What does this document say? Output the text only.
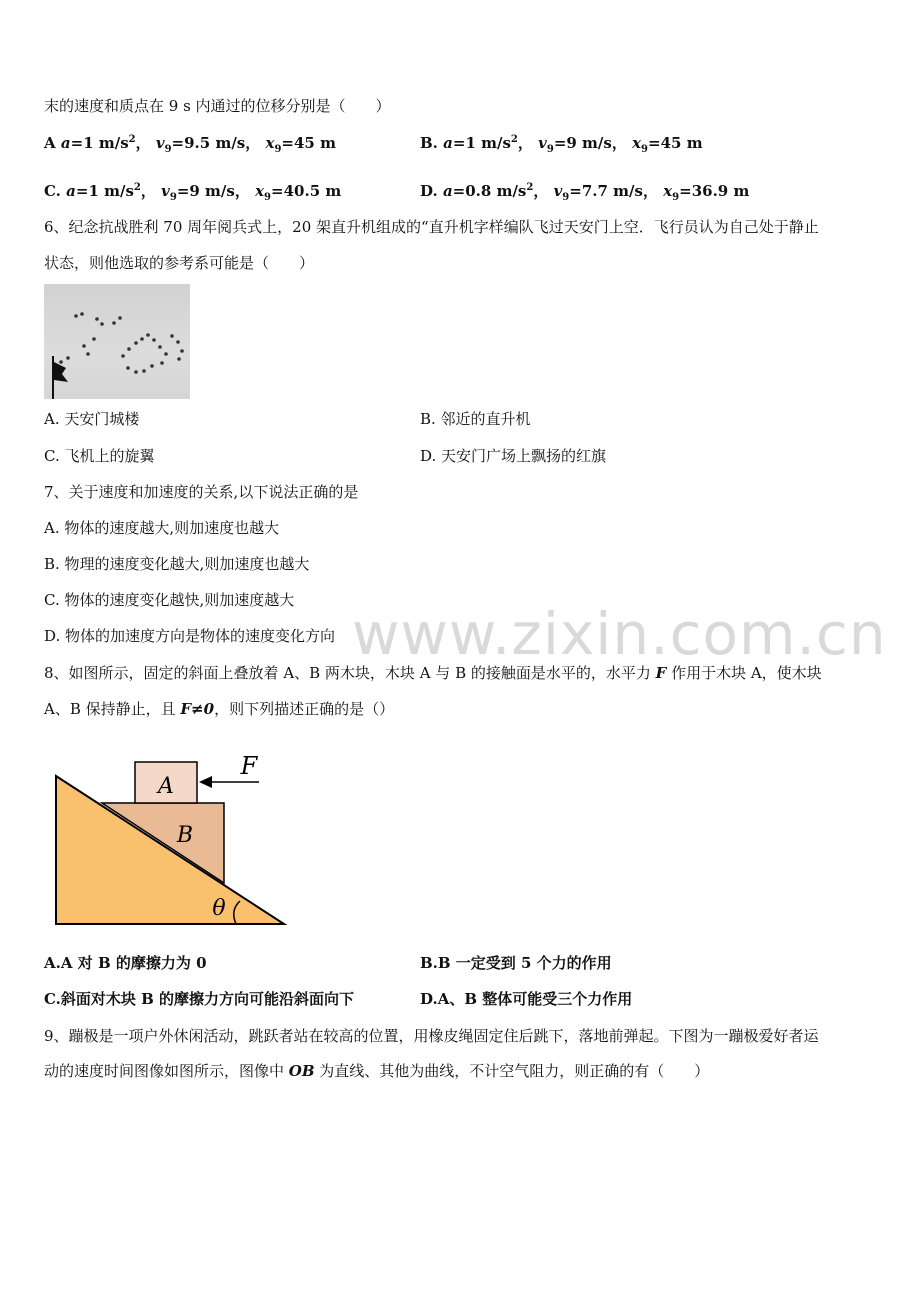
末的速度和质点在 9 s 内通过的位移分别是（　　）
A a=1 $m/s^2$， $v_9=9.5$ m/s， $x_9=45$ m	B. a=1 $m/s^2$， $v_9=9$ m/s， $x_9=45$ m
C. a=1 $m/s^2$， $v_9=9$ m/s， $x_9=40.5$ m	D. a=0.8 $m/s^2$， $v_9=7.7$ m/s， $x_9=36.9$ m
6、纪念抗战胜利 70 周年阅兵式上，20 架直升机组成的“直升机字样编队飞过天安门上空．飞行员认为自己处于静止
状态，则他选取的参考系可能是（　　）
A. 天安门城楼	B. 邻近的直升机
C. 飞机上的旋翼	D. 天安门广场上飘扬的红旗
7、关于速度和加速度的关系,以下说法正确的是
A. 物体的速度越大,则加速度也越大
B. 物理的速度变化越大,则加速度也越大
C. 物体的速度变化越快,则加速度越大
D. 物体的加速度方向是物体的速度变化方向 www.zixin.com.cn
8、如图所示，固定的斜面上叠放着 A、B 两木块，木块 A 与 B 的接触面是水平的，水平力 F 作用于木块 A，使木块
A、B 保持静止，且 F≠0，则下列描述正确的是（）
A
B
F
θ
A.A 对 B 的摩擦力为 0	B.B 一定受到 5 个力的作用
C.斜面对木块 B 的摩擦力方向可能沿斜面向下	D.A、B 整体可能受三个力作用
9、蹦极是一项户外休闲活动，跳跃者站在较高的位置，用橡皮绳固定住后跳下，落地前弹起。下图为一蹦极爱好者运
动的速度时间图像如图所示，图像中 OB 为直线、其他为曲线，不计空气阻力，则正确的有（　　）
